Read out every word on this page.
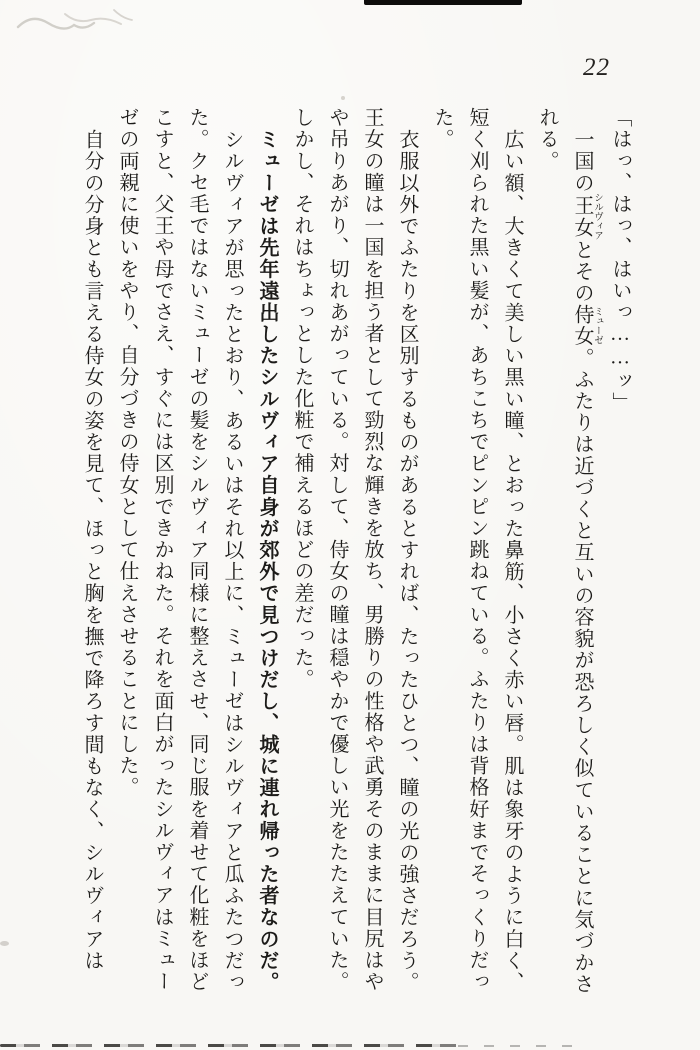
22

「はっ、はっ、はいっ……ッ」

一国の王女 シルヴィアとその侍女 ミューゼ。ふたりは近づくと互いの容貌が恐ろしく似ていることに気づかされる。

広い額、大きくて美しい黒い瞳、とおった鼻筋、小さく赤い唇。肌は象牙のように白く、短く刈られた黒い髪が、あちこちでピンピン跳ねている。ふたりは背格好までそっくりだった。

衣服以外でふたりを区別するものがあるとすれば、たったひとつ、瞳の光の強さだろう。王女の瞳は一国を担う者として勁烈な輝きを放ち、男勝りの性格や武勇そのままに目尻はやや吊りあがり、切れあがっている。対して、侍女の瞳は穏やかで優しい光をたたえていた。しかし、それはちょっとした化粧で補えるほどの差だった。

ミューゼは先年遠出したシルヴィア自身が郊外で見つけだし、城に連れ帰った者なのだ。

シルヴィアが思ったとおり、あるいはそれ以上に、ミューゼはシルヴィアと瓜ふたつだった。クセ毛ではないミューゼの髪をシルヴィア同様に整えさせ、同じ服を着せて化粧をほどこすと、父王や母でさえ、すぐには区別できかねた。それを面白がったシルヴィアはミューゼの両親に使いをやり、自分づきの侍女として仕えさせることにした。

自分の分身とも言える侍女の姿を見て、ほっと胸を撫で降ろす間もなく、シルヴィアは
